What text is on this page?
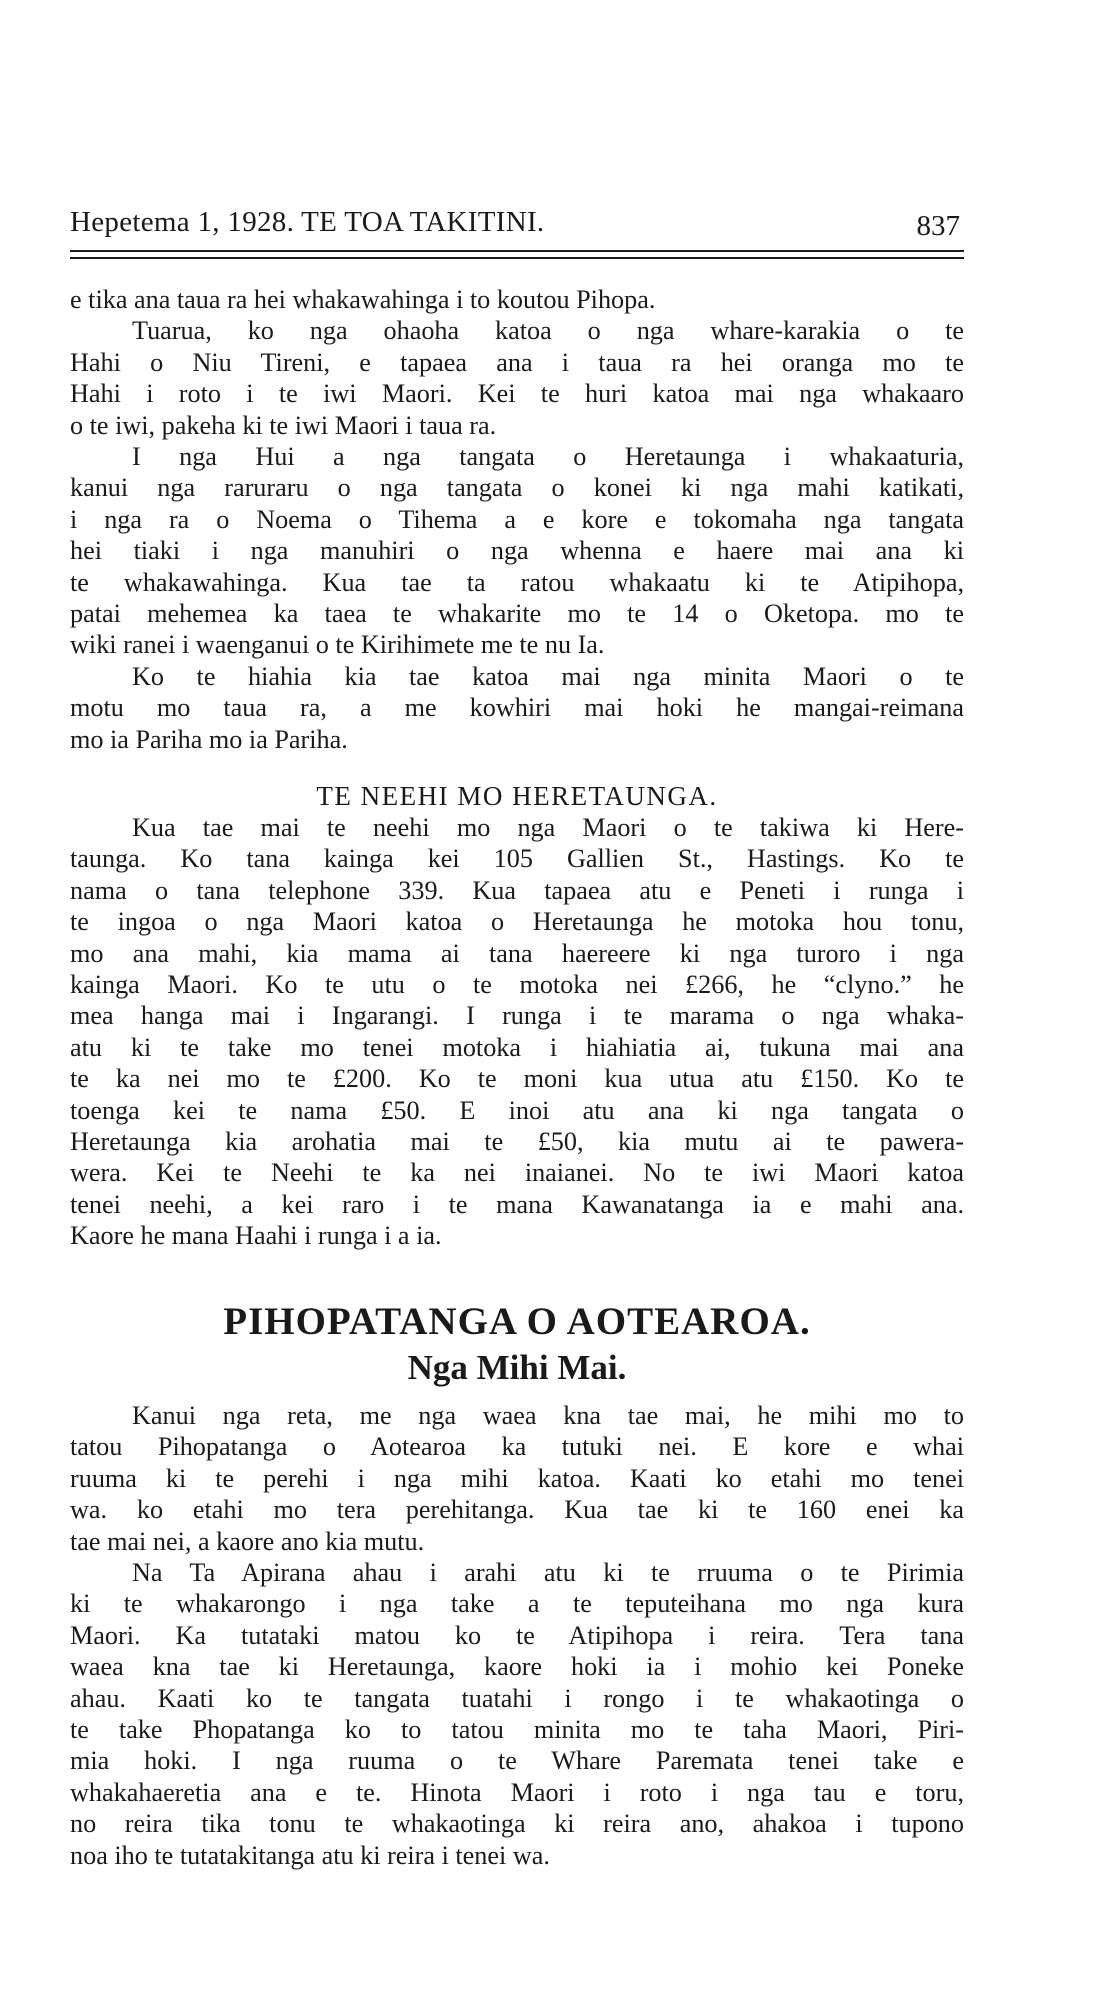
Hepetema 1, 1928. TE TOA TAKITINI.	837

e tika ana taua ra hei whakawahinga i to koutou Pihopa.

Tuarua, ko nga ohaoha katoa o nga whare-karakia o te
Hahi o Niu Tireni, e tapaea ana i taua ra hei oranga mo te
Hahi i roto i te iwi Maori. Kei te huri katoa mai nga whakaaro
o te iwi, pakeha ki te iwi Maori i taua ra.

I nga Hui a nga tangata o Heretaunga i whakaaturia,
kanui nga raruraru o nga tangata o konei ki nga mahi katikati,
i nga ra o Noema o Tihema a e kore e tokomaha nga tangata
hei tiaki i nga manuhiri o nga whenna e haere mai ana ki
te whakawahinga. Kua tae ta ratou whakaatu ki te Atipihopa,
patai mehemea ka taea te whakarite mo te 14 o Oketopa. mo te
wiki ranei i waenganui o te Kirihimete me te nu Ia.

Ko te hiahia kia tae katoa mai nga minita Maori o te
motu mo taua ra, a me kowhiri mai hoki he mangai-reimana
mo ia Pariha mo ia Pariha.

TE NEEHI MO HERETAUNGA.

Kua tae mai te neehi mo nga Maori o te takiwa ki Here-
taunga. Ko tana kainga kei 105 Gallien St., Hastings. Ko te
nama o tana telephone 339. Kua tapaea atu e Peneti i runga i
te ingoa o nga Maori katoa o Heretaunga he motoka hou tonu,
mo ana mahi, kia mama ai tana haereere ki nga turoro i nga
kainga Maori. Ko te utu o te motoka nei £266, he “clyno.” he
mea hanga mai i Ingarangi. I runga i te marama o nga whaka-
atu ki te take mo tenei motoka i hiahiatia ai, tukuna mai ana
te ka nei mo te £200. Ko te moni kua utua atu £150. Ko te
toenga kei te nama £50. E inoi atu ana ki nga tangata o
Heretaunga kia arohatia mai te £50, kia mutu ai te pawera-
wera. Kei te Neehi te ka nei inaianei. No te iwi Maori katoa
tenei neehi, a kei raro i te mana Kawanatanga ia e mahi ana.
Kaore he mana Haahi i runga i a ia.

PIHOPATANGA O AOTEAROA.
Nga Mihi Mai.

Kanui nga reta, me nga waea kna tae mai, he mihi mo to
tatou Pihopatanga o Aotearoa ka tutuki nei. E kore e whai
ruuma ki te perehi i nga mihi katoa. Kaati ko etahi mo tenei
wa. ko etahi mo tera perehitanga. Kua tae ki te 160 enei ka
tae mai nei, a kaore ano kia mutu.

Na Ta Apirana ahau i arahi atu ki te rruuma o te Pirimia
ki te whakarongo i nga take a te teputeihana mo nga kura
Maori. Ka tutataki matou ko te Atipihopa i reira. Tera tana
waea kna tae ki Heretaunga, kaore hoki ia i mohio kei Poneke
ahau. Kaati ko te tangata tuatahi i rongo i te whakaotinga o
te take Phopatanga ko to tatou minita mo te taha Maori, Piri-
mia hoki. I nga ruuma o te Whare Paremata tenei take e
whakahaeretia ana e te. Hinota Maori i roto i nga tau e toru,
no reira tika tonu te whakaotinga ki reira ano, ahakoa i tupono
noa iho te tutatakitanga atu ki reira i tenei wa.
